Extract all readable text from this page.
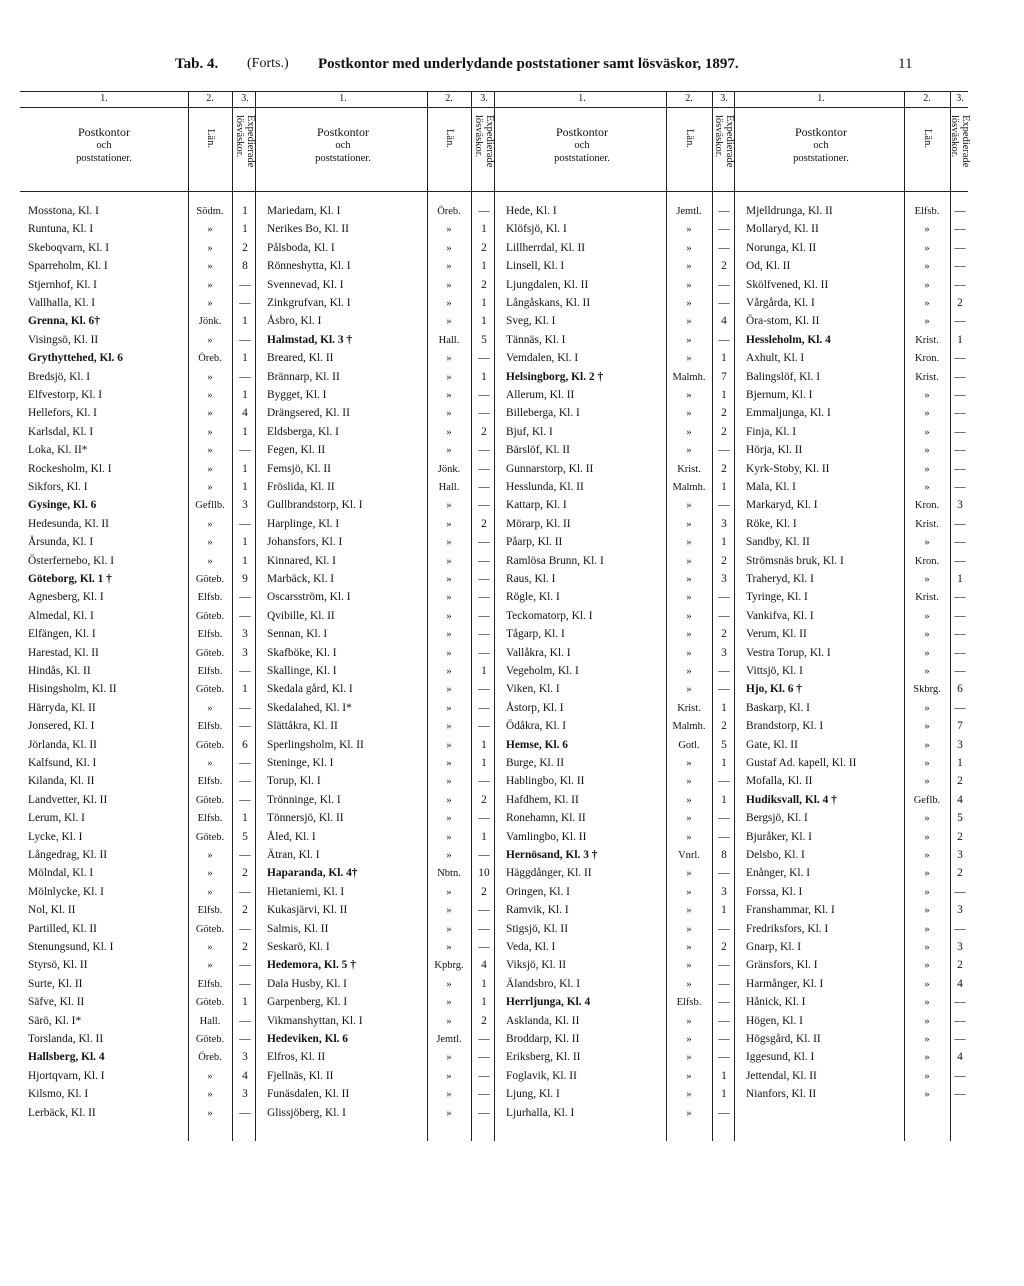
Tab. 4. (Forts.) Postkontor med underlydande poststationer samt lösväskor, 1897.	11
1.	2.	3.
Postkontor
och
poststationer.
Län.	Expedierade
lösväskor.
Mosstona, Kl. I	Södm.	1
Runtuna, Kl. I	»	1
Skeboqvarn, Kl. I	»	2
Sparreholm, Kl. I	»	8
Stjernhof, Kl. I	»	—
Vallhalla, Kl. I	»	—
Grenna, Kl. 6†	Jönk.	1
Visingsö, Kl. II	»	—
Grythyttehed, Kl. 6	Öreb.	1
Bredsjö, Kl. I	»	—
Elfvestorp, Kl. I	»	1
Hellefors, Kl. I	»	4
Karlsdal, Kl. I	»	1
Loka, Kl. II*	»	—
Rockesholm, Kl. I	»	1
Sikfors, Kl. I	»	1
Gysinge, Kl. 6	Gefllb.	3
Hedesunda, Kl. II	»	—
Årsunda, Kl. I	»	1
Österfernebo, Kl. I	»	1
Göteborg, Kl. 1 †	Göteb.	9
Agnesberg, Kl. I	Elfsb.	—
Almedal, Kl. I	Göteb.	—
Elfängen, Kl. I	Elfsb.	3
Harestad, Kl. II	Göteb.	3
Hindås, Kl. II	Elfsb.	—
Hisingsholm, Kl. II	Göteb.	1
Härryda, Kl. II	»	—
Jonsered, Kl. I	Elfsb.	—
Jörlanda, Kl. II	Göteb.	6
Kalfsund, Kl. I	»	—
Kilanda, Kl. II	Elfsb.	—
Landvetter, Kl. II	Göteb.	—
Lerum, Kl. I	Elfsb.	1
Lycke, Kl. I	Göteb.	5
Långedrag, Kl. II	»	—
Mölndal, Kl. I	»	2
Mölnlycke, Kl. I	»	—
Nol, Kl. II	Elfsb.	2
Partilled, Kl. II	Göteb.	—
Stenungsund, Kl. I	»	2
Styrsö, Kl. II	»	—
Surte, Kl. II	Elfsb.	—
Säfve, Kl. II	Göteb.	1
Särö, Kl. I*	Hall.	—
Torslanda, Kl. II	Göteb.	—
Hallsberg, Kl. 4	Öreb.	3
Hjortqvarn, Kl. I	»	4
Kilsmo, Kl. I	»	3
Lerbäck, Kl. II	»	—
1.	2.	3.
Postkontor
och
poststationer.
Län.	Expedierade
lösväskor.
Mariedam, Kl. I	Öreb.	—
Nerikes Bo, Kl. II	»	1
Pålsboda, Kl. I	»	2
Rönneshytta, Kl. I	»	1
Svennevad, Kl. I	»	2
Zinkgrufvan, Kl. I	»	1
Åsbro, Kl. I	»	1
Halmstad, Kl. 3 †	Hall.	5
Breared, Kl. II	»	—
Brännarp, Kl. II	»	1
Bygget, Kl. I	»	—
Drängsered, Kl. II	»	—
Eldsberga, Kl. I	»	2
Fegen, Kl. II	»	—
Femsjö, Kl. II	Jönk.	—
Fröslida, Kl. II	Hall.	—
Gullbrandstorp, Kl. I	»	—
Harplinge, Kl. I	»	2
Johansfors, Kl. I	»	—
Kinnared, Kl. I	»	—
Marbäck, Kl. I	»	—
Oscarsström, Kl. I	»	—
Qvibille, Kl. II	»	—
Sennan, Kl. I	»	—
Skafböke, Kl. I	»	—
Skallinge, Kl. I	»	1
Skedala gård, Kl. I	»	—
Skedalahed, Kl. I*	»	—
Slättåkra, Kl. II	»	—
Sperlingsholm, Kl. II	»	1
Steninge, Kl. I	»	1
Torup, Kl. I	»	—
Trönninge, Kl. I	»	2
Tönnersjö, Kl. II	»	—
Åled, Kl. I	»	1
Ätran, Kl. I	»	—
Haparanda, Kl. 4†	Nbtn.	10
Hietaniemi, Kl. I	»	2
Kukasjärvi, Kl. II	»	—
Salmis, Kl. II	»	—
Seskarö, Kl. I	»	—
Hedemora, Kl. 5 †	Kpbrg.	4
Dala Husby, Kl. I	»	1
Garpenberg, Kl. I	»	1
Vikmanshyttan, Kl. I	»	2
Hedeviken, Kl. 6	Jemtl.	—
Elfros, Kl. II	»	—
Fjellnäs, Kl. II	»	—
Funäsdalen, Kl. II	»	—
Glissjöberg, Kl. I	»	—
1.	2.	3.
Postkontor
och
poststationer.
Län.	Expedierade
lösväskor.
Hede, Kl. I	Jemtl.	—
Klöfsjö, Kl. I	»	—
Lillherrdal, Kl. II	»	—
Linsell, Kl. I	»	2
Ljungdalen, Kl. II	»	—
Långåskans, Kl. II	»	—
Sveg, Kl. I	»	4
Tännäs, Kl. I	»	—
Vemdalen, Kl. I	»	1
Helsingborg, Kl. 2 †	Malmh.	7
Allerum, Kl. II	»	1
Billeberga, Kl. I	»	2
Bjuf, Kl. I	»	2
Bärslöf, Kl. II	»	—
Gunnarstorp, Kl. II	Krist.	2
Hesslunda, Kl. II	Malmh.	1
Kattarp, Kl. I	»	—
Mörarp, Kl. II	»	3
Påarp, Kl. II	»	1
Ramlösa Brunn, Kl. I	»	2
Raus, Kl. I	»	3
Rögle, Kl. I	»	—
Teckomatorp, Kl. I	»	—
Tågarp, Kl. I	»	2
Vallåkra, Kl. I	»	3
Vegeholm, Kl. I	»	—
Viken, Kl. I	»	—
Åstorp, Kl. I	Krist.	1
Ödåkra, Kl. I	Malmh.	2
Hemse, Kl. 6	Gotl.	5
Burge, Kl. II	»	1
Hablingbo, Kl. II	»	—
Hafdhem, Kl. II	»	1
Ronehamn, Kl. II	»	—
Vamlingbo, Kl. II	»	—
Hernösand, Kl. 3 †	Vnrl.	8
Häggdånger, Kl. II	»	—
Oringen, Kl. I	»	3
Ramvik, Kl. I	»	1
Stigsjö, Kl. II	»	—
Veda, Kl. I	»	2
Viksjö, Kl. II	»	—
Älandsbro, Kl. I	»	—
Herrljunga, Kl. 4	Elfsb.	—
Asklanda, Kl. II	»	—
Broddarp, Kl. II	»	—
Eriksberg, Kl. II	»	—
Foglavik, Kl. II	»	1
Ljung, Kl. I	»	1
Ljurhalla, Kl. I	»	—
1.	2.	3.
Postkontor
och
poststationer.
Län.	Expedierade
lösväskor.
Mjelldrunga, Kl. II	Elfsb.	—
Mollaryd, Kl. II	»	—
Norunga, Kl. II	»	—
Od, Kl. II	»	—
Skölfvened, Kl. II	»	—
Vårgårda, Kl. I	»	2
Öra-stom, Kl. II	»	—
Hessleholm, Kl. 4	Krist.	1
Axhult, Kl. I	Kron.	—
Balingslöf, Kl. I	Krist.	—
Bjernum, Kl. I	»	—
Emmaljunga, Kl. I	»	—
Finja, Kl. I	»	—
Hörja, Kl. II	»	—
Kyrk-Stoby, Kl. II	»	—
Mala, Kl. I	»	—
Markaryd, Kl. I	Kron.	3
Röke, Kl. I	Krist.	—
Sandby, Kl. II	»	—
Strömsnäs bruk, Kl. I	Kron.	—
Traheryd, Kl. I	»	1
Tyringe, Kl. I	Krist.	—
Vankifva, Kl. I	»	—
Verum, Kl. II	»	—
Vestra Torup, Kl. I	»	—
Vittsjö, Kl. I	»	—
Hjo, Kl. 6 †	Skbrg.	6
Baskarp, Kl. I	»	—
Brandstorp, Kl. I	»	7
Gate, Kl. II	»	3
Gustaf Ad. kapell, Kl. II	»	1
Mofalla, Kl. II	»	2
Hudiksvall, Kl. 4 †	Geflb.	4
Bergsjö, Kl. I	»	5
Bjuråker, Kl. I	»	2
Delsbo, Kl. I	»	3
Enånger, Kl. I	»	2
Forssa, Kl. I	»	—
Franshammar, Kl. I	»	3
Fredriksfors, Kl. I	»	—
Gnarp, Kl. I	»	3
Gränsfors, Kl. I	»	2
Harmånger, Kl. I	»	4
Hånick, Kl. I	»	—
Högen, Kl. I	»	—
Högsgård, Kl. II	»	—
Iggesund, Kl. I	»	4
Jettendal, Kl. II	»	—
Nianfors, Kl. II	»	—
